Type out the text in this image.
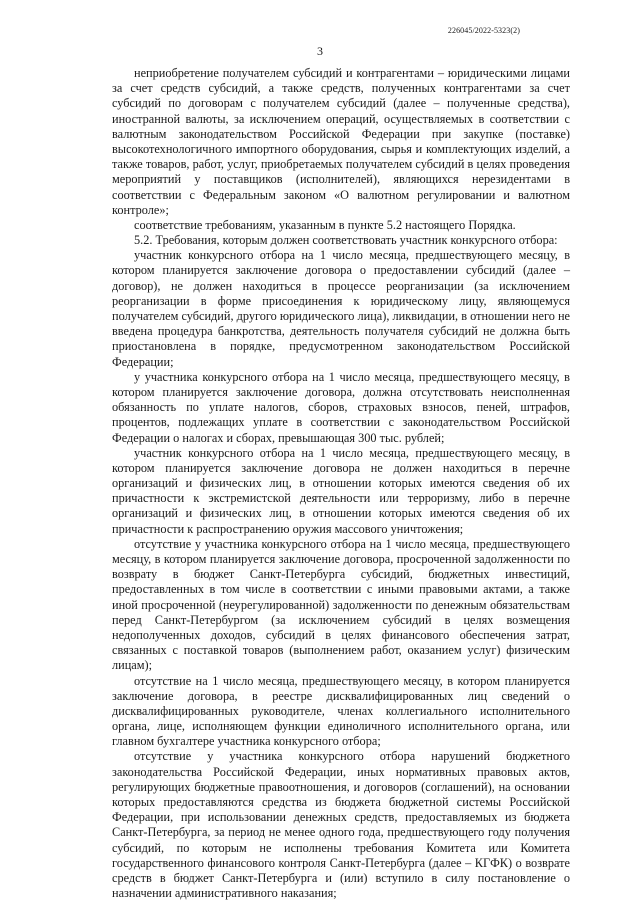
226045/2022-5323(2)
3

неприобретение получателем субсидий и контрагентами – юридическими лицами за счет средств субсидий, а также средств, полученных контрагентами за счет субсидий по договорам с получателем субсидий (далее – полученные средства), иностранной валюты, за исключением операций, осуществляемых в соответствии с валютным законодательством Российской Федерации при закупке (поставке) высокотехнологичного импортного оборудования, сырья и комплектующих изделий, а также товаров, работ, услуг, приобретаемых получателем субсидий в целях проведения мероприятий у поставщиков (исполнителей), являющихся нерезидентами в соответствии с Федеральным законом «О валютном регулировании и валютном контроле»;

соответствие требованиям, указанным в пункте 5.2 настоящего Порядка.

5.2. Требования, которым должен соответствовать участник конкурсного отбора:

участник конкурсного отбора на 1 число месяца, предшествующего месяцу, в котором планируется заключение договора о предоставлении субсидий (далее – договор), не должен находиться в процессе реорганизации (за исключением реорганизации в форме присоединения к юридическому лицу, являющемуся получателем субсидий, другого юридического лица), ликвидации, в отношении него не введена процедура банкротства, деятельность получателя субсидий не должна быть приостановлена в порядке, предусмотренном законодательством Российской Федерации;

у участника конкурсного отбора на 1 число месяца, предшествующего месяцу, в котором планируется заключение договора, должна отсутствовать неисполненная обязанность по уплате налогов, сборов, страховых взносов, пеней, штрафов, процентов, подлежащих уплате в соответствии с законодательством Российской Федерации о налогах и сборах, превышающая 300 тыс. рублей;

участник конкурсного отбора на 1 число месяца, предшествующего месяцу, в котором планируется заключение договора не должен находиться в перечне организаций и физических лиц, в отношении которых имеются сведения об их причастности к экстремистской деятельности или терроризму, либо в перечне организаций и физических лиц, в отношении которых имеются сведения об их причастности к распространению оружия массового уничтожения;

отсутствие у участника конкурсного отбора на 1 число месяца, предшествующего месяцу, в котором планируется заключение договора, просроченной задолженности по возврату в бюджет Санкт-Петербурга субсидий, бюджетных инвестиций, предоставленных в том числе в соответствии с иными правовыми актами, а также иной просроченной (неурегулированной) задолженности по денежным обязательствам перед Санкт-Петербургом (за исключением субсидий в целях возмещения недополученных доходов, субсидий в целях финансового обеспечения затрат, связанных с поставкой товаров (выполнением работ, оказанием услуг) физическим лицам);

отсутствие на 1 число месяца, предшествующего месяцу, в котором планируется заключение договора, в реестре дисквалифицированных лиц сведений о дисквалифицированных руководителе, членах коллегиального исполнительного органа, лице, исполняющем функции единоличного исполнительного органа, или главном бухгалтере участника конкурсного отбора;

отсутствие у участника конкурсного отбора нарушений бюджетного законодательства Российской Федерации, иных нормативных правовых актов, регулирующих бюджетные правоотношения, и договоров (соглашений), на основании которых предоставляются средства из бюджета бюджетной системы Российской Федерации, при использовании денежных средств, предоставляемых из бюджета Санкт-Петербурга, за период не менее одного года, предшествующего году получения субсидий, по которым не исполнены требования Комитета или Комитета государственного финансового контроля Санкт-Петербурга (далее – КГФК) о возврате средств в бюджет Санкт-Петербурга и (или) вступило в силу постановление о назначении административного наказания;
